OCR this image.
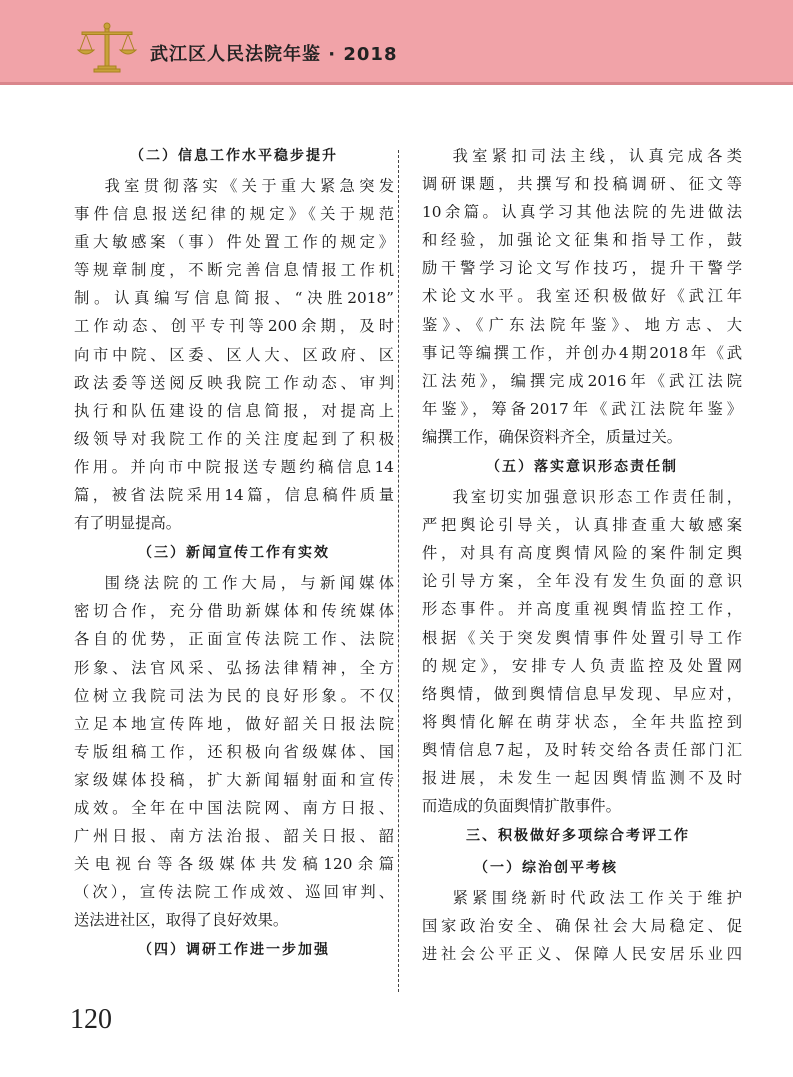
武江区人民法院年鉴 · 2018
（二）信息工作水平稳步提升
我室贯彻落实《关于重大紧急突发
事件信息报送纪律的规定》《关于规范
重大敏感案（事）件处置工作的规定》
等规章制度，不断完善信息情报工作机
制。认真编写信息简报、“决胜2018”
工作动态、创平专刊等200余期，及时
向市中院、区委、区人大、区政府、区
政法委等送阅反映我院工作动态、审判
执行和队伍建设的信息简报，对提高上
级领导对我院工作的关注度起到了积极
作用。并向市中院报送专题约稿信息14
篇，被省法院采用14篇，信息稿件质量
有了明显提高。
（三）新闻宣传工作有实效
围绕法院的工作大局，与新闻媒体
密切合作，充分借助新媒体和传统媒体
各自的优势，正面宣传法院工作、法院
形象、法官风采、弘扬法律精神，全方
位树立我院司法为民的良好形象。不仅
立足本地宣传阵地，做好韶关日报法院
专版组稿工作，还积极向省级媒体、国
家级媒体投稿，扩大新闻辐射面和宣传
成效。全年在中国法院网、南方日报、
广州日报、南方法治报、韶关日报、韶
关电视台等各级媒体共发稿120余篇
（次），宣传法院工作成效、巡回审判、
送法进社区，取得了良好效果。
（四）调研工作进一步加强
我室紧扣司法主线，认真完成各类
调研课题，共撰写和投稿调研、征文等
10余篇。认真学习其他法院的先进做法
和经验，加强论文征集和指导工作，鼓
励干警学习论文写作技巧，提升干警学
术论文水平。我室还积极做好《武江年
鉴》、《广东法院年鉴》、地方志、大
事记等编撰工作，并创办4期2018年《武
江法苑》，编撰完成2016年《武江法院
年鉴》，筹备2017年《武江法院年鉴》
编撰工作，确保资料齐全，质量过关。
（五）落实意识形态责任制
我室切实加强意识形态工作责任制，
严把舆论引导关，认真排查重大敏感案
件，对具有高度舆情风险的案件制定舆
论引导方案，全年没有发生负面的意识
形态事件。并高度重视舆情监控工作，
根据《关于突发舆情事件处置引导工作
的规定》，安排专人负责监控及处置网
络舆情，做到舆情信息早发现、早应对，
将舆情化解在萌芽状态，全年共监控到
舆情信息7起，及时转交给各责任部门汇
报进展，未发生一起因舆情监测不及时
而造成的负面舆情扩散事件。
三、积极做好多项综合考评工作
（一）综治创平考核
紧紧围绕新时代政法工作关于维护
国家政治安全、确保社会大局稳定、促
进社会公平正义、保障人民安居乐业四
120
